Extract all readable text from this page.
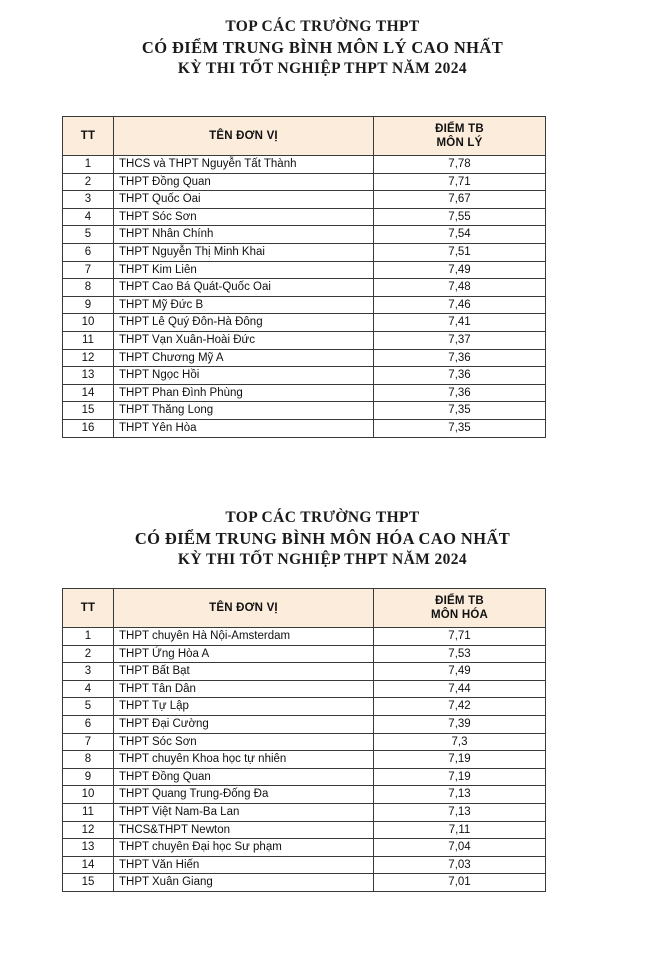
TOP CÁC TRƯỜNG THPT
CÓ ĐIỂM TRUNG BÌNH MÔN LÝ CAO NHẤT
KỲ THI TỐT NGHIỆP THPT NĂM 2024
TT	TÊN ĐƠN VỊ	ĐIỂM TB
MÔN LÝ

1	THCS và THPT Nguyễn Tất Thành	7,78
2	THPT Đồng Quan	7,71
3	THPT Quốc Oai	7,67
4	THPT Sóc Sơn	7,55
5	THPT Nhân Chính	7,54
6	THPT Nguyễn Thị Minh Khai	7,51
7	THPT Kim Liên	7,49
8	THPT Cao Bá Quát-Quốc Oai	7,48
9	THPT Mỹ Đức B	7,46
10	THPT Lê Quý Đôn-Hà Đông	7,41
11	THPT Vạn Xuân-Hoài Đức	7,37
12	THPT Chương Mỹ A	7,36
13	THPT Ngọc Hồi	7,36
14	THPT Phan Đình Phùng	7,36
15	THPT Thăng Long	7,35
16	THPT Yên Hòa	7,35
TOP CÁC TRƯỜNG THPT
CÓ ĐIỂM TRUNG BÌNH MÔN HÓA CAO NHẤT
KỲ THI TỐT NGHIỆP THPT NĂM 2024
TT	TÊN ĐƠN VỊ	ĐIỂM TB
MÔN HÓA

1	THPT chuyên Hà Nội-Amsterdam	7,71
2	THPT Ứng Hòa A	7,53
3	THPT Bất Bạt	7,49
4	THPT Tân Dân	7,44
5	THPT Tự Lập	7,42
6	THPT Đại Cường	7,39
7	THPT Sóc Sơn	7,3
8	THPT chuyên Khoa học tự nhiên	7,19
9	THPT Đồng Quan	7,19
10	THPT Quang Trung-Đống Đa	7,13
11	THPT Việt Nam-Ba Lan	7,13
12	THCS&THPT Newton	7,11
13	THPT chuyên Đại học Sư phạm	7,04
14	THPT Văn Hiến	7,03
15	THPT Xuân Giang	7,01
